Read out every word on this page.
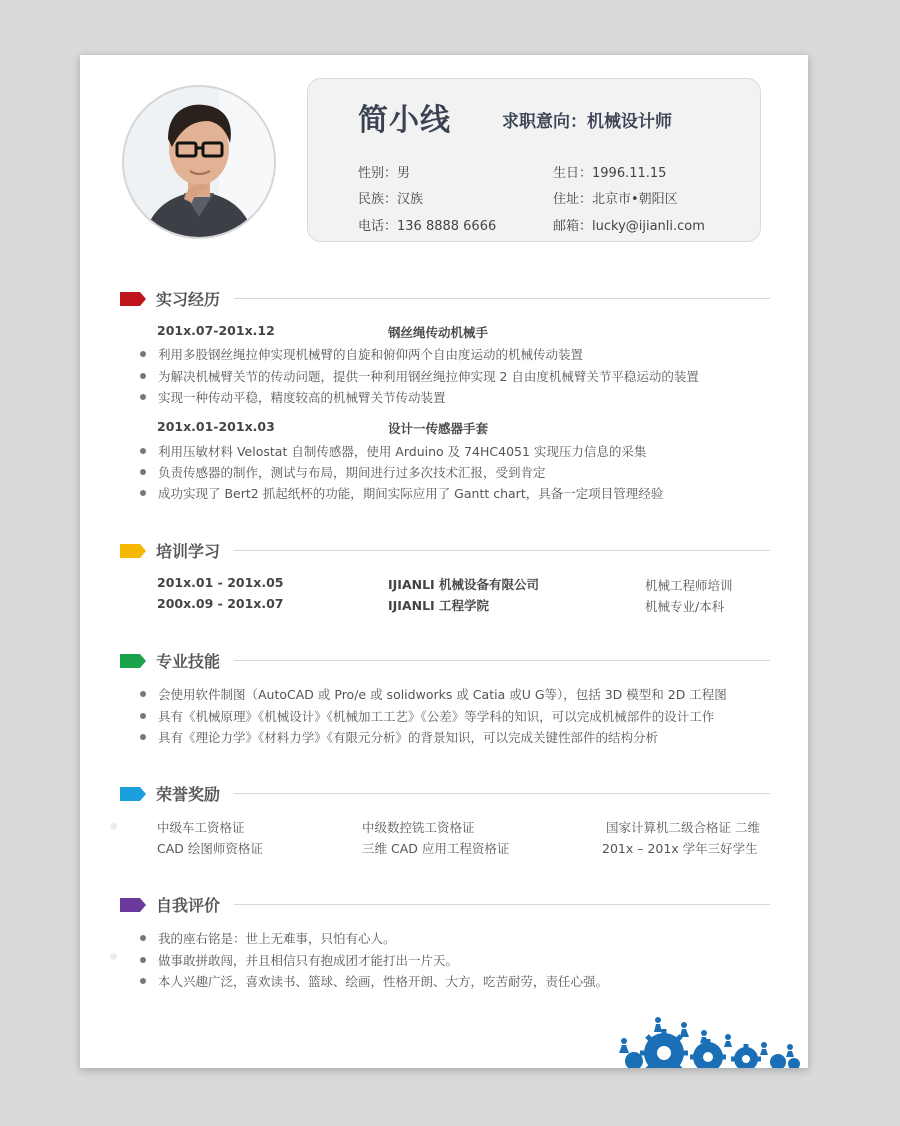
简小线	求职意向：机械设计师
性别：男	生日：1996.11.15
民族：汉族	住址：北京市•朝阳区
电话：136 8888 6666	邮箱：lucky@ijianli.com
实习经历
201x.07-201x.12	钢丝绳传动机械手
利用多股钢丝绳拉伸实现机械臂的自旋和俯仰两个自由度运动的机械传动装置
为解决机械臂关节的传动问题，提供一种利用钢丝绳拉伸实现 2 自由度机械臂关节平稳运动的装置
实现一种传动平稳，精度较高的机械臂关节传动装置
201x.01-201x.03	设计一传感器手套
利用压敏材料 Velostat 自制传感器，使用 Arduino 及 74HC4051 实现压力信息的采集
负责传感器的制作，测试与布局，期间进行过多次技术汇报，受到肯定
成功实现了 Bert2 抓起纸杯的功能，期间实际应用了 Gantt chart，具备一定项目管理经验
培训学习
201x.01 - 201x.05	IJIANLI 机械设备有限公司	机械工程师培训
200x.09 - 201x.07	IJIANLI 工程学院	机械专业/本科
专业技能
会使用软件制图（AutoCAD 或 Pro/e 或 solidworks 或 Catia 或U G等），包括 3D 模型和 2D 工程图
具有《机械原理》《机械设计》《机械加工工艺》《公差》等学科的知识，可以完成机械部件的设计工作
具有《理论力学》《材料力学》《有限元分析》的背景知识，可以完成关键性部件的结构分析
荣誉奖励
中级车工资格证	中级数控铣工资格证	国家计算机二级合格证 二维
CAD 绘图师资格证	三维 CAD 应用工程资格证	201x – 201x 学年三好学生
自我评价
我的座右铭是：世上无难事，只怕有心人。
做事敢拼敢闯，并且相信只有抱成团才能打出一片天。
本人兴趣广泛，喜欢读书、篮球、绘画，性格开朗、大方，吃苦耐劳，责任心强。
